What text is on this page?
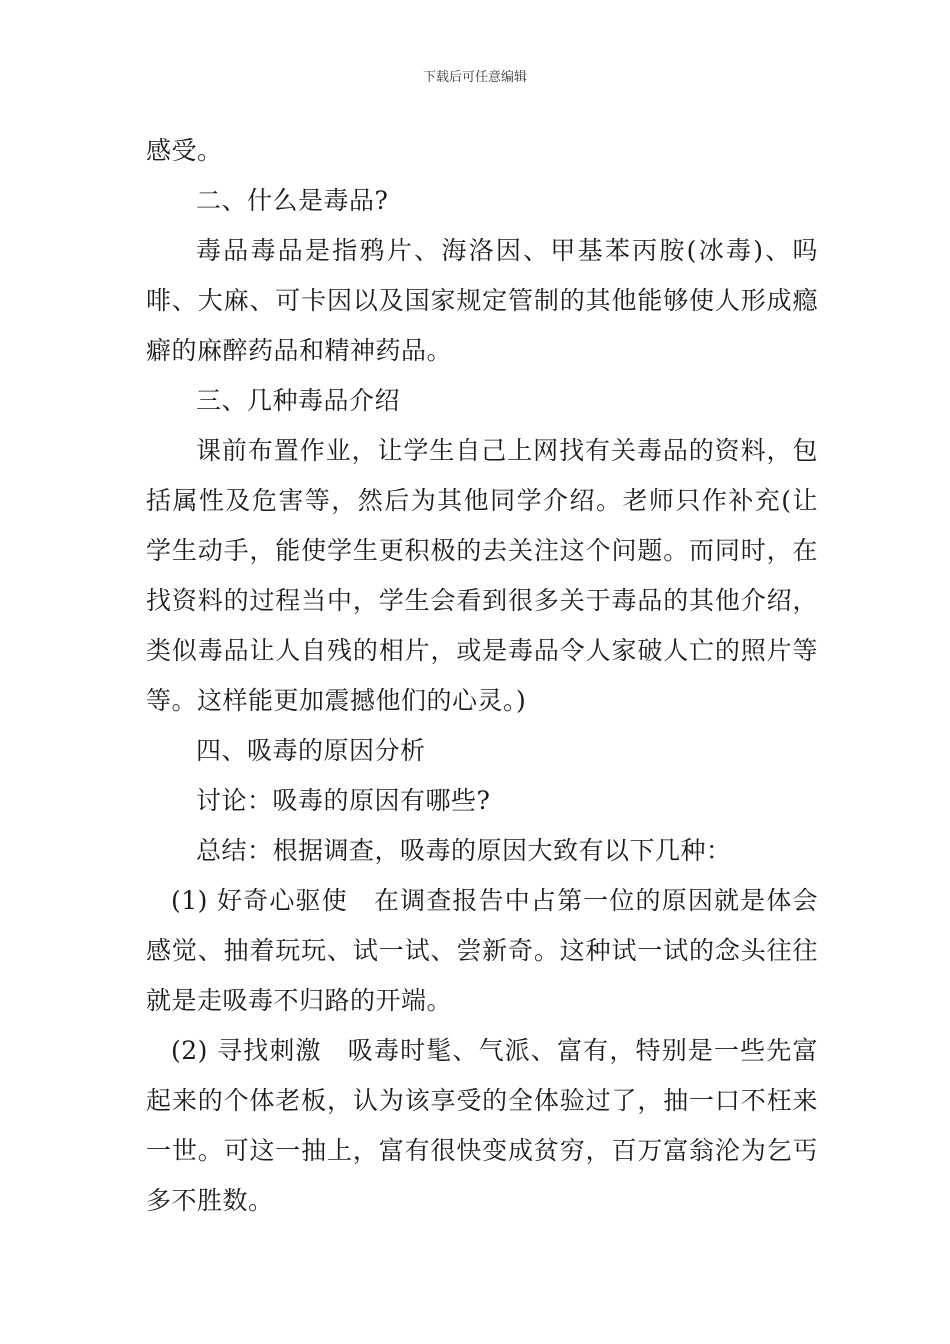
下载后可任意编辑

感受。

二、什么是毒品?

毒品毒品是指鸦片、海洛因、甲基苯丙胺(冰毒)、吗啡、大麻、可卡因以及国家规定管制的其他能够使人形成瘾癖的麻醉药品和精神药品。

三、几种毒品介绍

课前布置作业，让学生自己上网找有关毒品的资料，包括属性及危害等，然后为其他同学介绍。老师只作补充(让学生动手，能使学生更积极的去关注这个问题。而同时，在找资料的过程当中，学生会看到很多关于毒品的其他介绍，类似毒品让人自残的相片，或是毒品令人家破人亡的照片等等。这样能更加震撼他们的心灵。)

四、吸毒的原因分析

讨论：吸毒的原因有哪些?

总结：根据调查，吸毒的原因大致有以下几种：

(1) 好奇心驱使　在调查报告中占第一位的原因就是体会感觉、抽着玩玩、试一试、尝新奇。这种试一试的念头往往就是走吸毒不归路的开端。

(2) 寻找刺激　吸毒时髦、气派、富有，特别是一些先富起来的个体老板，认为该享受的全体验过了，抽一口不枉来一世。可这一抽上，富有很快变成贫穷，百万富翁沦为乞丐多不胜数。
